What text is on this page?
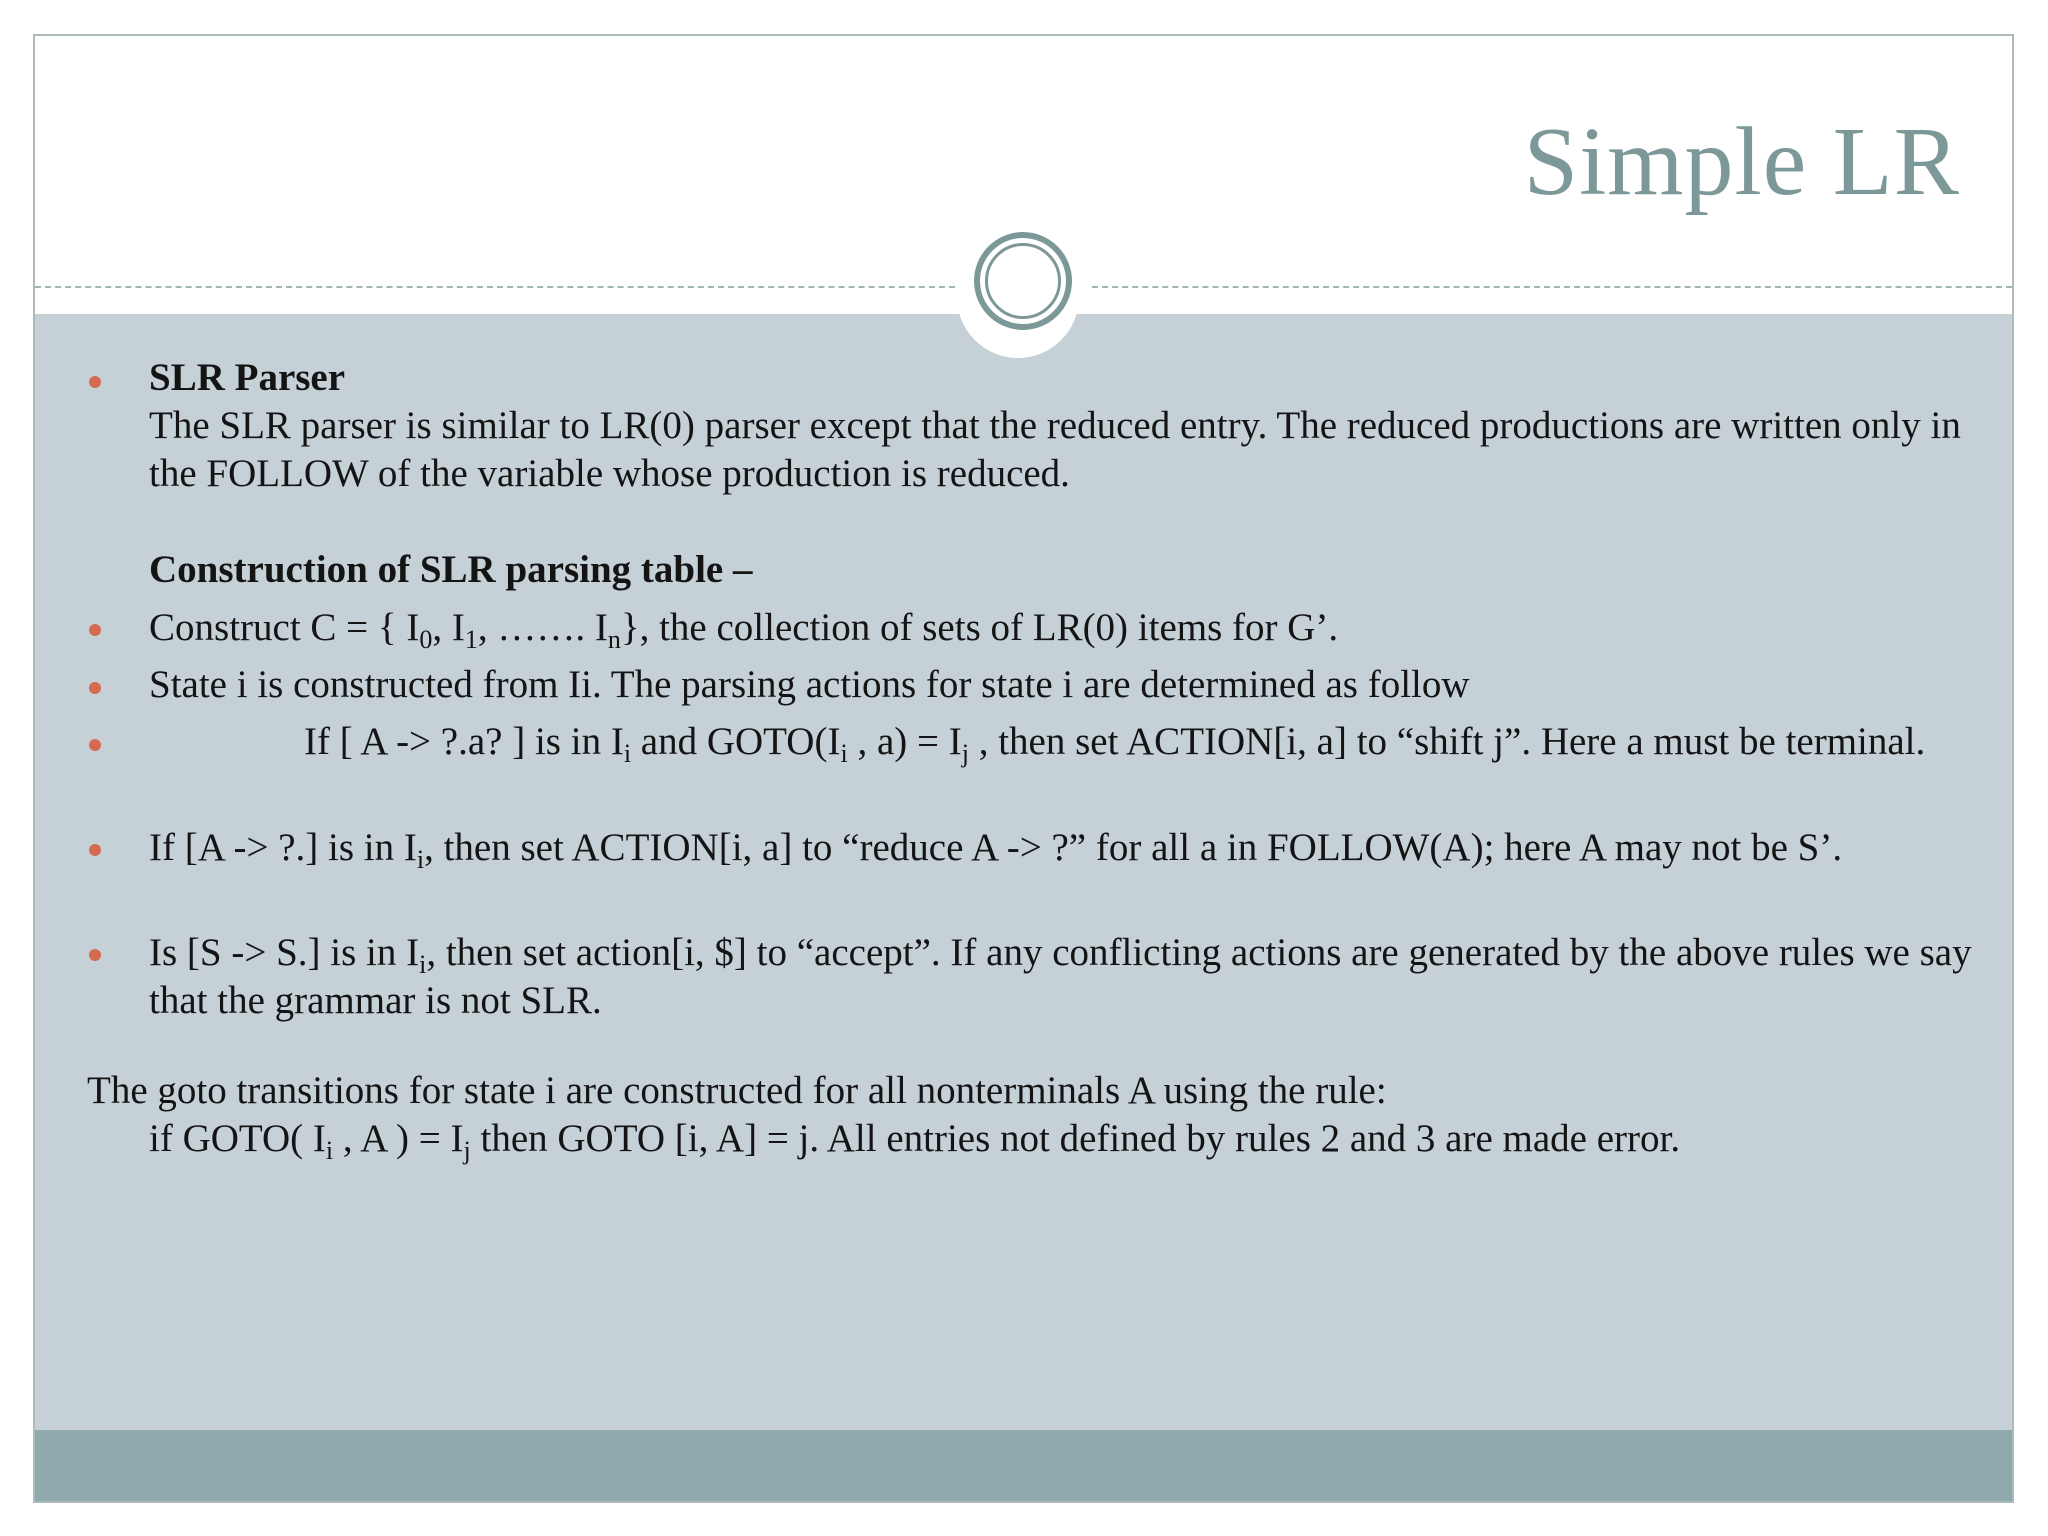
Simple LR
SLR Parser
The SLR parser is similar to LR(0) parser except that the reduced entry. The reduced productions are written only in the FOLLOW of the variable whose production is reduced.
Construction of SLR parsing table –
Construct C = { $I_0$, $I_1$, ……. $I_n$}, the collection of sets of LR(0) items for G’.
State i is constructed from Ii. The parsing actions for state i are determined as follow
If [ A -> ?.a? ] is in $I_i$ and $GOTO(I_i$ , $a) = I_j$ , then set ACTION[i, a] to “shift j”. Here a must be terminal.
If [A -> ?.] is in $I_i$, then set ACTION[i, a] to “reduce A -> ?” for all a in FOLLOW(A); here A may not be S’.
Is [S -> S.] is in $I_i$, then set action[i, $] to “accept”. If any conflicting actions are generated by the above rules we say that the grammar is not SLR.
The goto transitions for state i are constructed for all nonterminals A using the rule:
if GOTO( $I_i$ , A ) = $I_j$ then GOTO [i, A] = j. All entries not defined by rules 2 and 3 are made error.
